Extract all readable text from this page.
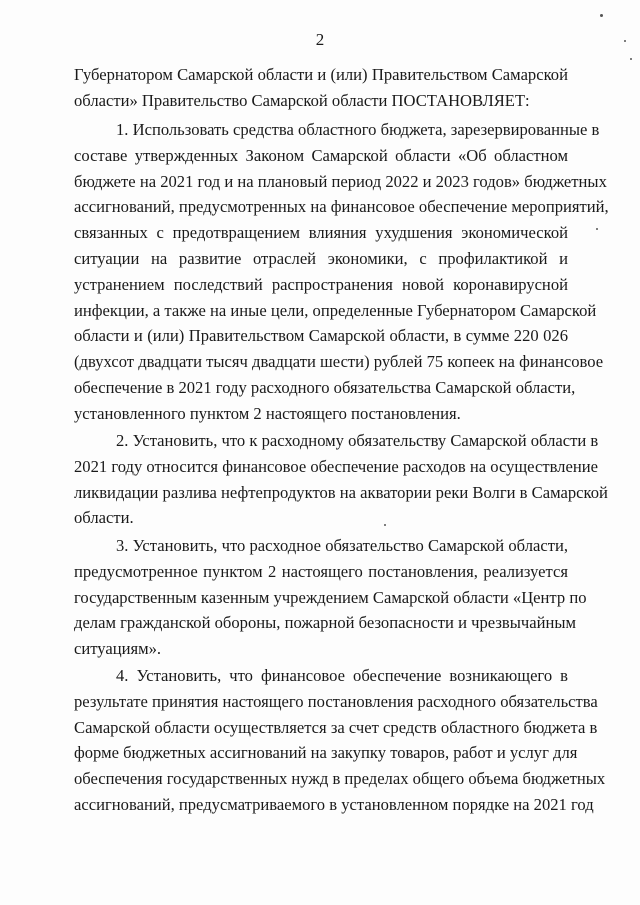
2
Губернатором Самарской области и (или) Правительством Самарской
области» Правительство Самарской области ПОСТАНОВЛЯЕТ:
1. Использовать средства областного бюджета, зарезервированные в
составе утвержденных Законом Самарской области «Об областном
бюджете на 2021 год и на плановый период 2022 и 2023 годов» бюджетных
ассигнований, предусмотренных на финансовое обеспечение мероприятий,
связанных с предотвращением влияния ухудшения экономической
ситуации на развитие отраслей экономики, с профилактикой и
устранением последствий распространения новой коронавирусной
инфекции, а также на иные цели, определенные Губернатором Самарской
области и (или) Правительством Самарской области, в сумме 220 026
(двухсот двадцати тысяч двадцати шести) рублей 75 копеек на финансовое
обеспечение в 2021 году расходного обязательства Самарской области,
установленного пунктом 2 настоящего постановления.
2. Установить, что к расходному обязательству Самарской области в
2021 году относится финансовое обеспечение расходов на осуществление
ликвидации разлива нефтепродуктов на акватории реки Волги в Самарской
области.
3. Установить, что расходное обязательство Самарской области,
предусмотренное пунктом 2 настоящего постановления, реализуется
государственным казенным учреждением Самарской области «Центр по
делам гражданской обороны, пожарной безопасности и чрезвычайным
ситуациям».
4. Установить, что финансовое обеспечение возникающего в
результате принятия настоящего постановления расходного обязательства
Самарской области осуществляется за счет средств областного бюджета в
форме бюджетных ассигнований на закупку товаров, работ и услуг для
обеспечения государственных нужд в пределах общего объема бюджетных
ассигнований, предусматриваемого в установленном порядке на 2021 год
